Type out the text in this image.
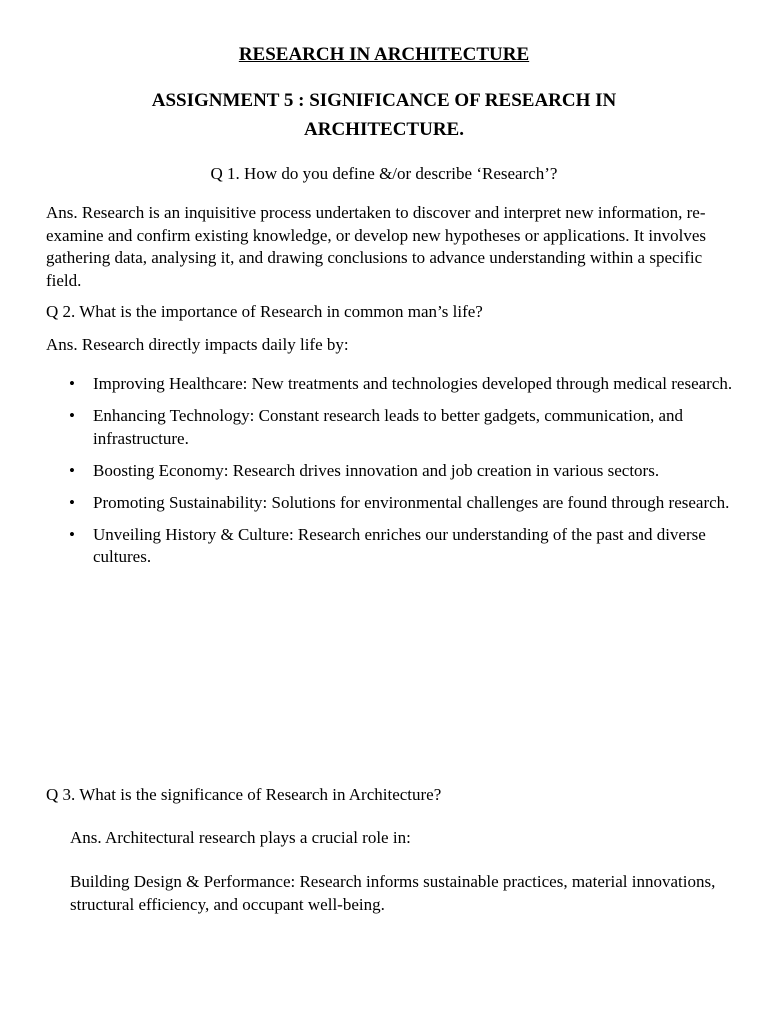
RESEARCH IN ARCHITECTURE
ASSIGNMENT 5 : SIGNIFICANCE OF RESEARCH IN
ARCHITECTURE.
Q 1. How do you define &/or describe ‘Research’?
Ans. Research is an inquisitive process undertaken to discover and interpret new information, re-examine and confirm existing knowledge, or develop new hypotheses or applications. It involves gathering data, analysing it, and drawing conclusions to advance understanding within a specific field.
Q 2. What is the importance of Research in common man’s life?
Ans. Research directly impacts daily life by:
• Improving Healthcare: New treatments and technologies developed through medical research.
• Enhancing Technology: Constant research leads to better gadgets, communication, and infrastructure.
• Boosting Economy: Research drives innovation and job creation in various sectors.
• Promoting Sustainability: Solutions for environmental challenges are found through research.
• Unveiling History & Culture: Research enriches our understanding of the past and diverse cultures.
Q 3. What is the significance of Research in Architecture?
Ans. Architectural research plays a crucial role in:
Building Design & Performance: Research informs sustainable practices, material innovations, structural efficiency, and occupant well-being.
